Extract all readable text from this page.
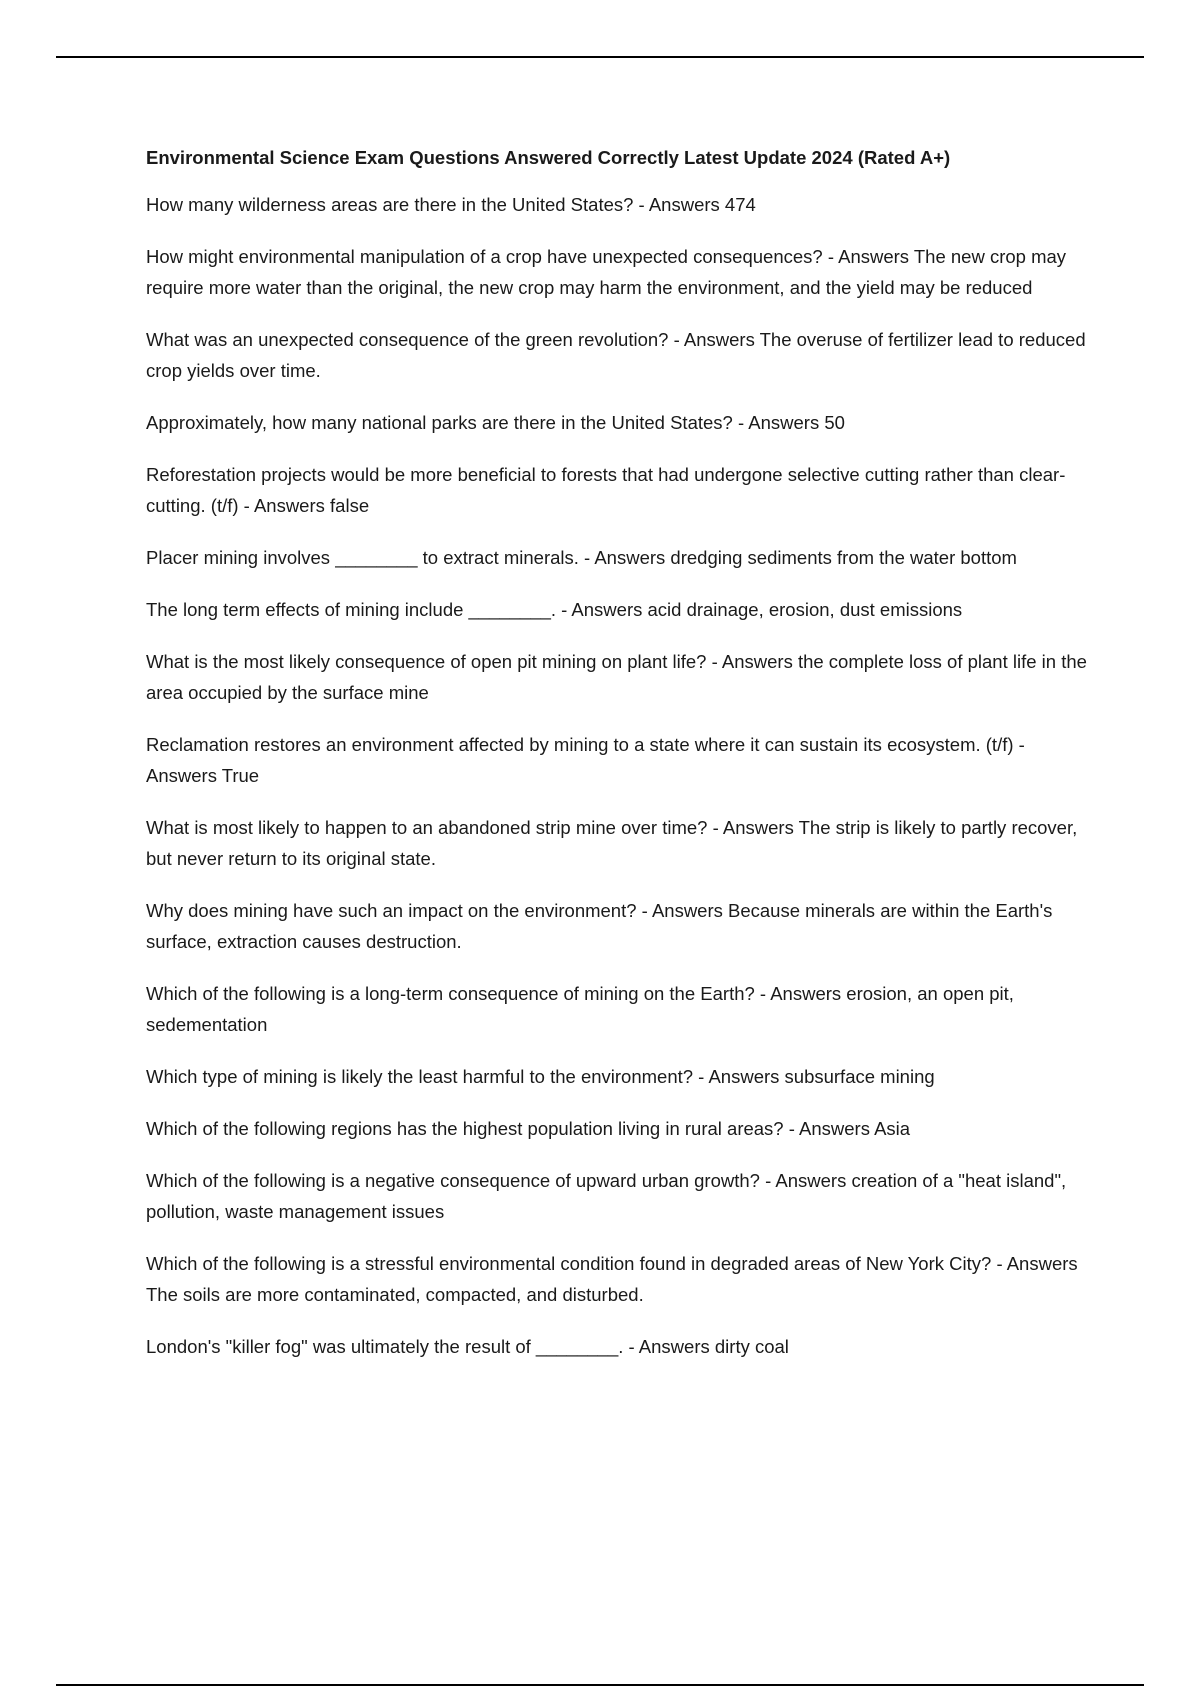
Environmental Science Exam Questions Answered Correctly Latest Update 2024 (Rated A+)
How many wilderness areas are there in the United States? - Answers 474
How might environmental manipulation of a crop have unexpected consequences? - Answers The new crop may require more water than the original, the new crop may harm the environment, and the yield may be reduced
What was an unexpected consequence of the green revolution? - Answers The overuse of fertilizer lead to reduced crop yields over time.
Approximately, how many national parks are there in the United States? - Answers 50
Reforestation projects would be more beneficial to forests that had undergone selective cutting rather than clear-cutting. (t/f) - Answers false
Placer mining involves ________ to extract minerals. - Answers dredging sediments from the water bottom
The long term effects of mining include ________. - Answers acid drainage, erosion, dust emissions
What is the most likely consequence of open pit mining on plant life? - Answers the complete loss of plant life in the area occupied by the surface mine
Reclamation restores an environment affected by mining to a state where it can sustain its ecosystem. (t/f) - Answers True
What is most likely to happen to an abandoned strip mine over time? - Answers The strip is likely to partly recover, but never return to its original state.
Why does mining have such an impact on the environment? - Answers Because minerals are within the Earth's surface, extraction causes destruction.
Which of the following is a long-term consequence of mining on the Earth? - Answers erosion, an open pit, sedementation
Which type of mining is likely the least harmful to the environment? - Answers subsurface mining
Which of the following regions has the highest population living in rural areas? - Answers Asia
Which of the following is a negative consequence of upward urban growth? - Answers creation of a "heat island", pollution, waste management issues
Which of the following is a stressful environmental condition found in degraded areas of New York City? - Answers The soils are more contaminated, compacted, and disturbed.
London's "killer fog" was ultimately the result of ________. - Answers dirty coal
